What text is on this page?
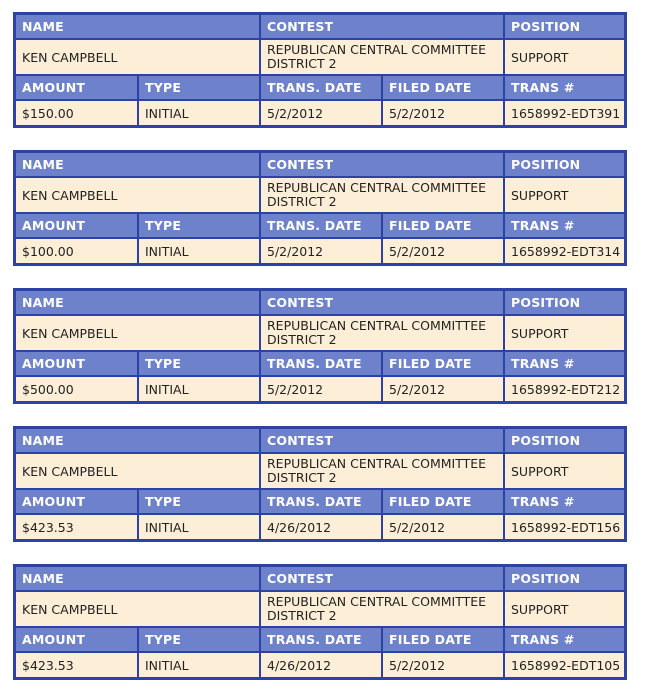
NAME	CONTEST	POSITION
KEN CAMPBELL	REPUBLICAN CENTRAL COMMITTEE DISTRICT 2	SUPPORT
AMOUNT	TYPE	TRANS. DATE	FILED DATE	TRANS #
$150.00	INITIAL	5/2/2012	5/2/2012	1658992-EDT391
NAME	CONTEST	POSITION
KEN CAMPBELL	REPUBLICAN CENTRAL COMMITTEE DISTRICT 2	SUPPORT
AMOUNT	TYPE	TRANS. DATE	FILED DATE	TRANS #
$100.00	INITIAL	5/2/2012	5/2/2012	1658992-EDT314
NAME	CONTEST	POSITION
KEN CAMPBELL	REPUBLICAN CENTRAL COMMITTEE DISTRICT 2	SUPPORT
AMOUNT	TYPE	TRANS. DATE	FILED DATE	TRANS #
$500.00	INITIAL	5/2/2012	5/2/2012	1658992-EDT212
NAME	CONTEST	POSITION
KEN CAMPBELL	REPUBLICAN CENTRAL COMMITTEE DISTRICT 2	SUPPORT
AMOUNT	TYPE	TRANS. DATE	FILED DATE	TRANS #
$423.53	INITIAL	4/26/2012	5/2/2012	1658992-EDT156
NAME	CONTEST	POSITION
KEN CAMPBELL	REPUBLICAN CENTRAL COMMITTEE DISTRICT 2	SUPPORT
AMOUNT	TYPE	TRANS. DATE	FILED DATE	TRANS #
$423.53	INITIAL	4/26/2012	5/2/2012	1658992-EDT105
